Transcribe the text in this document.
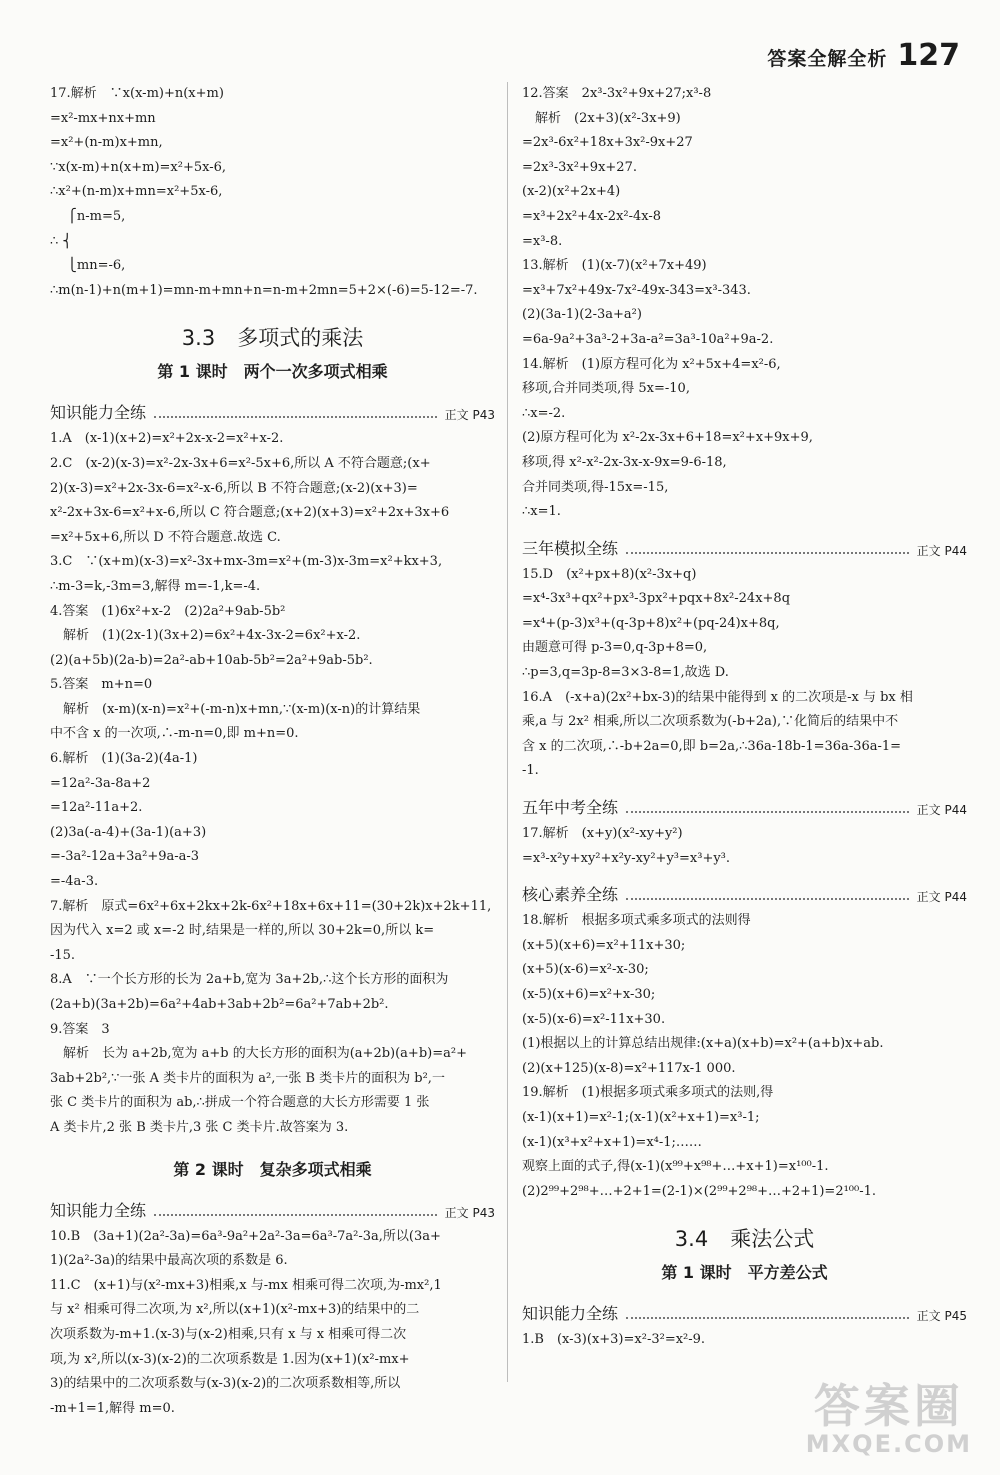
答案全解全析 127
17.解析　∵x(x-m)+n(x+m)
=x²-mx+nx+mn
=x²+(n-m)x+mn,
∵x(x-m)+n(x+m)=x²+5x-6,
∴x²+(n-m)x+mn=x²+5x-6,
　 ⎧n-m=5,
∴ ⎨
　 ⎩mn=-6,
∴m(n-1)+n(m+1)=mn-m+mn+n=n-m+2mn=5+2×(-6)=5-12=-7.
3.3 多项式的乘法
第 1 课时　两个一次多项式相乘
知识能力全练	正文 P43
1.A　(x-1)(x+2)=x²+2x-x-2=x²+x-2.
2.C　(x-2)(x-3)=x²-2x-3x+6=x²-5x+6,所以 A 不符合题意;(x+
2)(x-3)=x²+2x-3x-6=x²-x-6,所以 B 不符合题意;(x-2)(x+3)=
x²-2x+3x-6=x²+x-6,所以 C 符合题意;(x+2)(x+3)=x²+2x+3x+6
=x²+5x+6,所以 D 不符合题意.故选 C.
3.C　∵(x+m)(x-3)=x²-3x+mx-3m=x²+(m-3)x-3m=x²+kx+3,
∴m-3=k,-3m=3,解得 m=-1,k=-4.
4.答案　(1)6x²+x-2　(2)2a²+9ab-5b²
　解析　(1)(2x-1)(3x+2)=6x²+4x-3x-2=6x²+x-2.
(2)(a+5b)(2a-b)=2a²-ab+10ab-5b²=2a²+9ab-5b².
5.答案　m+n=0
　解析　(x-m)(x-n)=x²+(-m-n)x+mn,∵(x-m)(x-n)的计算结果
中不含 x 的一次项,∴-m-n=0,即 m+n=0.
6.解析　(1)(3a-2)(4a-1)
=12a²-3a-8a+2
=12a²-11a+2.
(2)3a(-a-4)+(3a-1)(a+3)
=-3a²-12a+3a²+9a-a-3
=-4a-3.
7.解析　原式=6x²+6x+2kx+2k-6x²+18x+6x+11=(30+2k)x+2k+11,
因为代入 x=2 或 x=-2 时,结果是一样的,所以 30+2k=0,所以 k=
-15.
8.A　∵一个长方形的长为 2a+b,宽为 3a+2b,∴这个长方形的面积为
(2a+b)(3a+2b)=6a²+4ab+3ab+2b²=6a²+7ab+2b².
9.答案　3
　解析　长为 a+2b,宽为 a+b 的大长方形的面积为(a+2b)(a+b)=a²+
3ab+2b²,∵一张 A 类卡片的面积为 a²,一张 B 类卡片的面积为 b²,一
张 C 类卡片的面积为 ab,∴拼成一个符合题意的大长方形需要 1 张
A 类卡片,2 张 B 类卡片,3 张 C 类卡片.故答案为 3.
第 2 课时　复杂多项式相乘
知识能力全练	正文 P43
10.B　(3a+1)(2a²-3a)=6a³-9a²+2a²-3a=6a³-7a²-3a,所以(3a+
1)(2a²-3a)的结果中最高次项的系数是 6.
11.C　(x+1)与(x²-mx+3)相乘,x 与-mx 相乘可得二次项,为-mx²,1
与 x² 相乘可得二次项,为 x²,所以(x+1)(x²-mx+3)的结果中的二
次项系数为-m+1.(x-3)与(x-2)相乘,只有 x 与 x 相乘可得二次
项,为 x²,所以(x-3)(x-2)的二次项系数是 1.因为(x+1)(x²-mx+
3)的结果中的二次项系数与(x-3)(x-2)的二次项系数相等,所以
-m+1=1,解得 m=0.
12.答案　2x³-3x²+9x+27;x³-8
　解析　(2x+3)(x²-3x+9)
=2x³-6x²+18x+3x²-9x+27
=2x³-3x²+9x+27.
(x-2)(x²+2x+4)
=x³+2x²+4x-2x²-4x-8
=x³-8.
13.解析　(1)(x-7)(x²+7x+49)
=x³+7x²+49x-7x²-49x-343=x³-343.
(2)(3a-1)(2-3a+a²)
=6a-9a²+3a³-2+3a-a²=3a³-10a²+9a-2.
14.解析　(1)原方程可化为 x²+5x+4=x²-6,
移项,合并同类项,得 5x=-10,
∴x=-2.
(2)原方程可化为 x²-2x-3x+6+18=x²+x+9x+9,
移项,得 x²-x²-2x-3x-x-9x=9-6-18,
合并同类项,得-15x=-15,
∴x=1.
三年模拟全练	正文 P44
15.D　(x²+px+8)(x²-3x+q)
=x⁴-3x³+qx²+px³-3px²+pqx+8x²-24x+8q
=x⁴+(p-3)x³+(q-3p+8)x²+(pq-24)x+8q,
由题意可得 p-3=0,q-3p+8=0,
∴p=3,q=3p-8=3×3-8=1,故选 D.
16.A　(-x+a)(2x²+bx-3)的结果中能得到 x 的二次项是-x 与 bx 相
乘,a 与 2x² 相乘,所以二次项系数为(-b+2a),∵化简后的结果中不
含 x 的二次项,∴-b+2a=0,即 b=2a,∴36a-18b-1=36a-36a-1=
-1.
五年中考全练	正文 P44
17.解析　(x+y)(x²-xy+y²)
=x³-x²y+xy²+x²y-xy²+y³=x³+y³.
核心素养全练	正文 P44
18.解析　根据多项式乘多项式的法则得
(x+5)(x+6)=x²+11x+30;
(x+5)(x-6)=x²-x-30;
(x-5)(x+6)=x²+x-30;
(x-5)(x-6)=x²-11x+30.
(1)根据以上的计算总结出规律:(x+a)(x+b)=x²+(a+b)x+ab.
(2)(x+125)(x-8)=x²+117x-1 000.
19.解析　(1)根据多项式乘多项式的法则,得
(x-1)(x+1)=x²-1;(x-1)(x²+x+1)=x³-1;
(x-1)(x³+x²+x+1)=x⁴-1;……
观察上面的式子,得(x-1)(x⁹⁹+x⁹⁸+…+x+1)=x¹⁰⁰-1.
(2)2⁹⁹+2⁹⁸+…+2+1=(2-1)×(2⁹⁹+2⁹⁸+…+2+1)=2¹⁰⁰-1.
3.4 乘法公式
第 1 课时　平方差公式
知识能力全练	正文 P45
1.B　(x-3)(x+3)=x²-3²=x²-9.
答案圈
MXQE.COM
